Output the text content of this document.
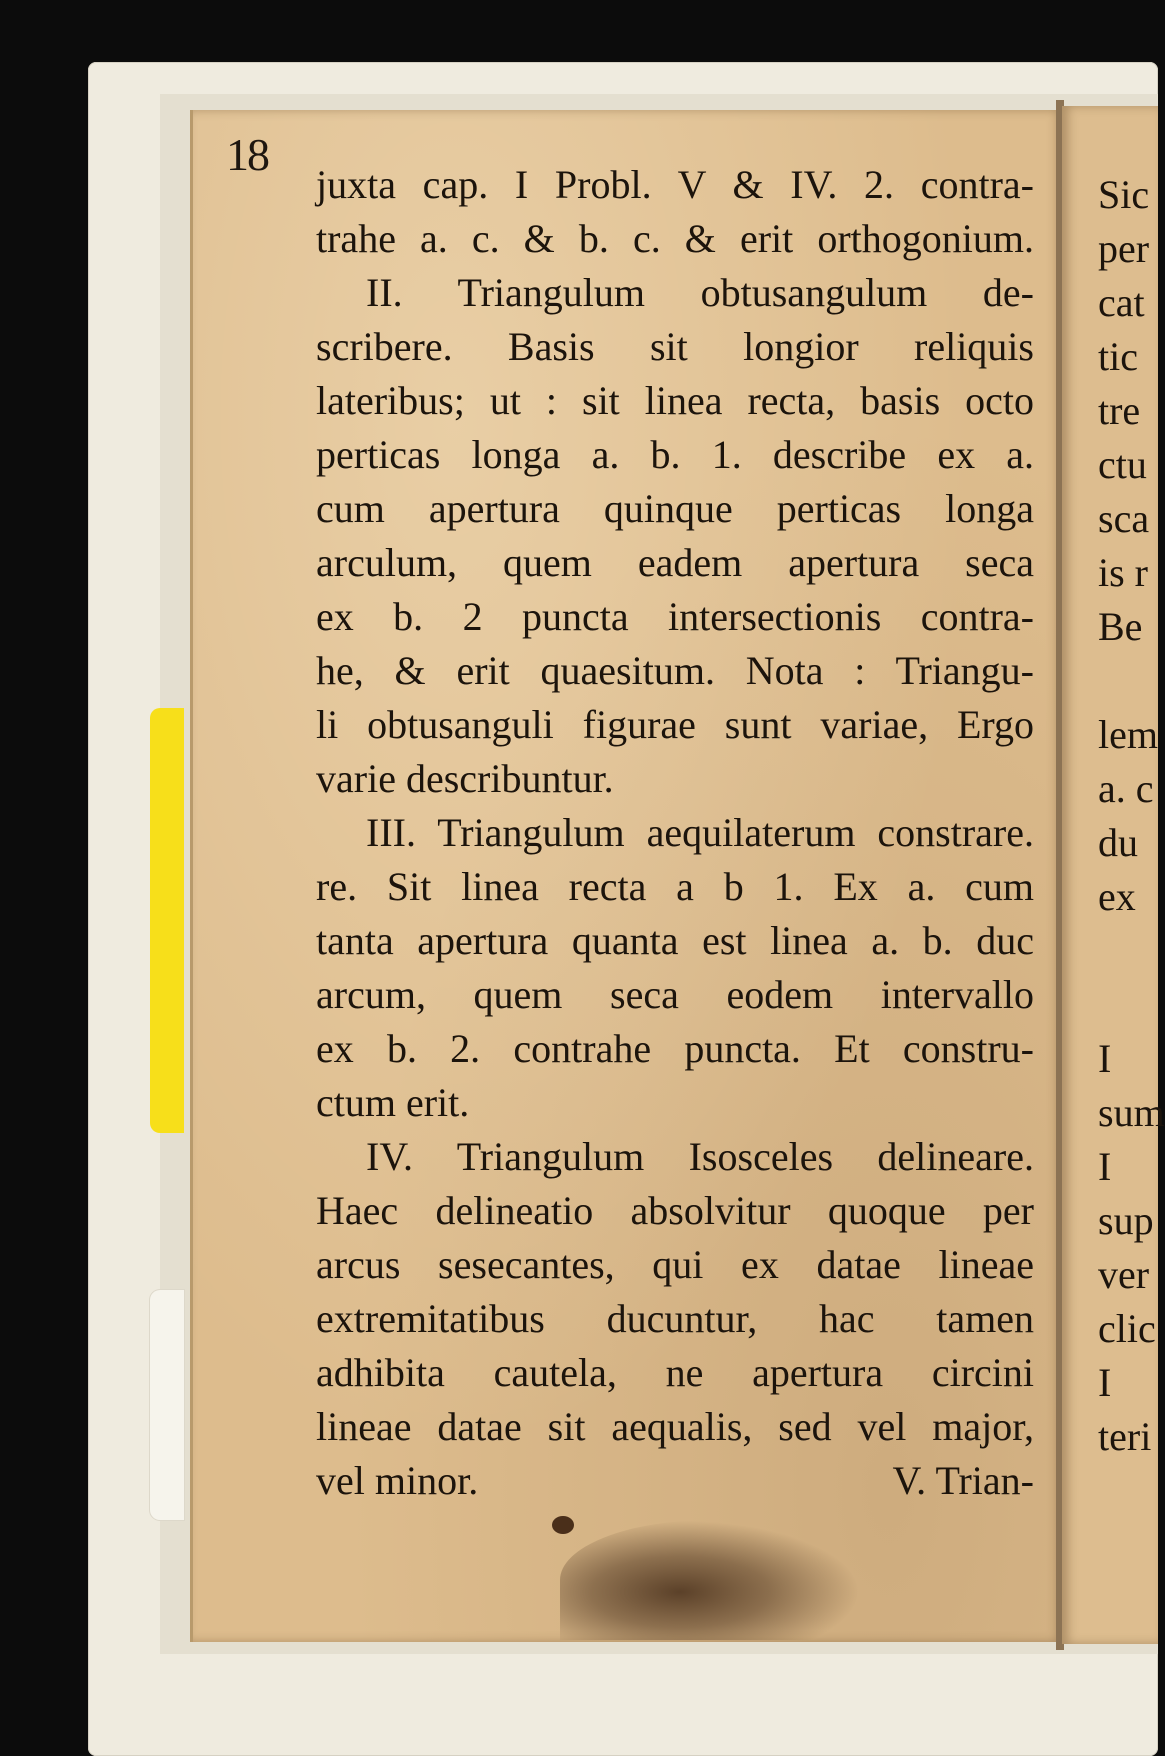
18
juxta cap. I Probl. V & IV. 2. contra-
trahe a. c. & b. c. & erit orthogonium.
II. Triangulum obtusangulum de-
scribere. Basis sit longior reliquis
lateribus; ut : sit linea recta, basis octo
perticas longa a. b. 1. describe ex a.
cum apertura quinque perticas longa
arculum, quem eadem apertura seca
ex b. 2 puncta intersectionis contra-
he, & erit quaesitum. Nota : Triangu-
li obtusanguli figurae sunt variae, Ergo
varie describuntur.
III. Triangulum aequilaterum constrare.
re. Sit linea recta a b 1. Ex a. cum
tanta apertura quanta est linea a. b. duc
arcum, quem seca eodem intervallo
ex b. 2. contrahe puncta. Et constru-
ctum erit.
IV. Triangulum Isosceles delineare.
Haec delineatio absolvitur quoque per
arcus sesecantes, qui ex datae lineae
extremitatibus ducuntur, hac tamen
adhibita cautela, ne apertura circini
lineae datae sit aequalis, sed vel major,
vel minor.	V. Trian-
Sic
per
cat
tic
tre
ctu
sca
is r
Be
lem
a. c
du
ex
I
sum
I
sup
ver
clic
I
teri
